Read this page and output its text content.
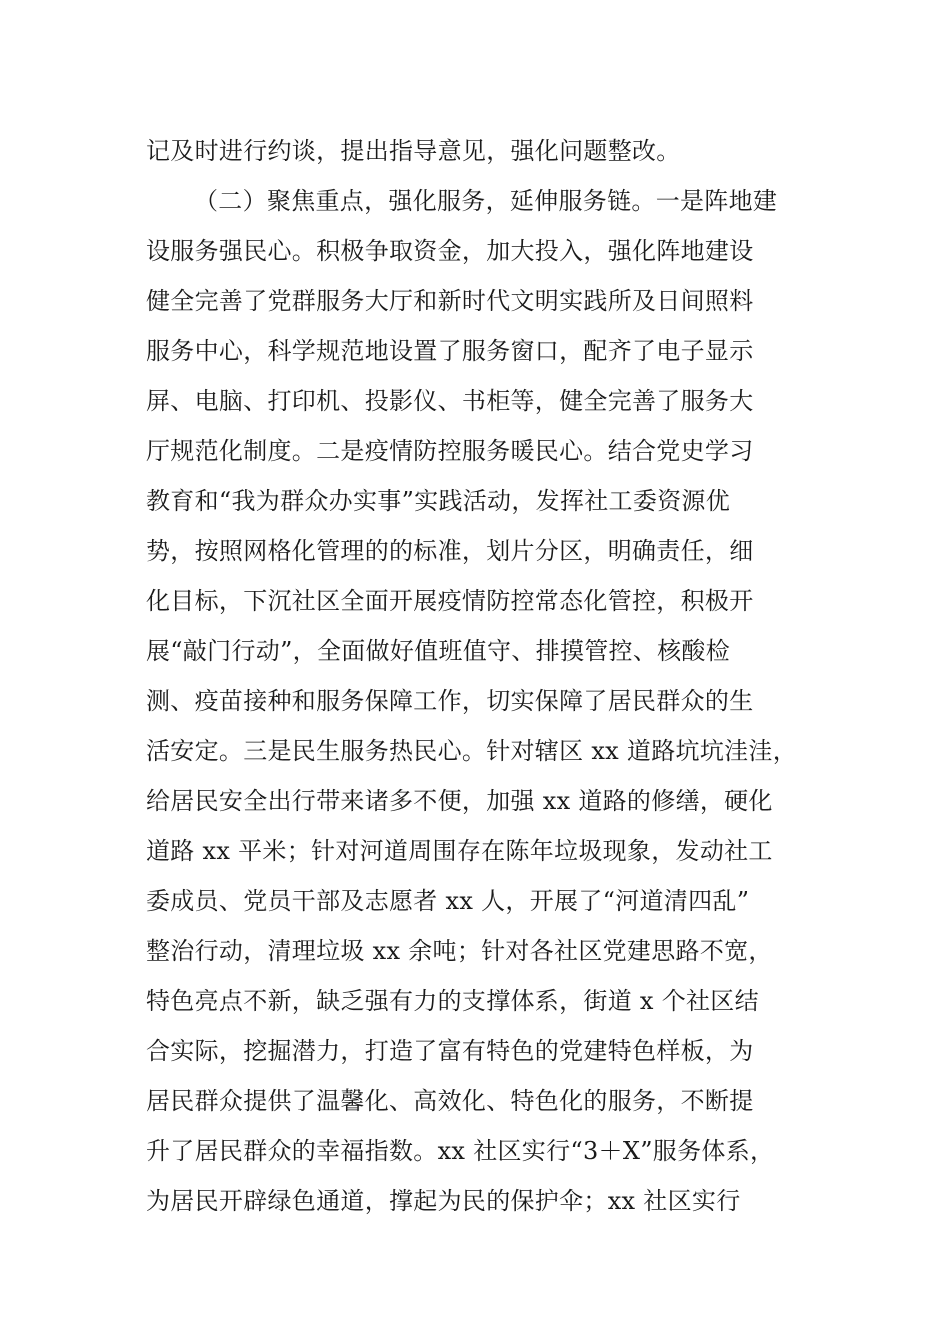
记及时进行约谈，提出指导意见，强化问题整改。
（二）聚焦重点，强化服务，延伸服务链。一是阵地建
设服务强民心。积极争取资金，加大投入，强化阵地建设
健全完善了党群服务大厅和新时代文明实践所及日间照料
服务中心，科学规范地设置了服务窗口，配齐了电子显示
屏、电脑、打印机、投影仪、书柜等，健全完善了服务大
厅规范化制度。二是疫情防控服务暖民心。结合党史学习
教育和“我为群众办实事”实践活动，发挥社工委资源优
势，按照网格化管理的的标准，划片分区，明确责任，细
化目标，下沉社区全面开展疫情防控常态化管控，积极开
展“敲门行动”，全面做好值班值守、排摸管控、核酸检
测、疫苗接种和服务保障工作，切实保障了居民群众的生
活安定。三是民生服务热民心。针对辖区 xx 道路坑坑洼洼，
给居民安全出行带来诸多不便，加强 xx 道路的修缮，硬化
道路 xx 平米；针对河道周围存在陈年垃圾现象，发动社工
委成员、党员干部及志愿者 xx 人，开展了“河道清四乱”
整治行动，清理垃圾 xx 余吨；针对各社区党建思路不宽，
特色亮点不新，缺乏强有力的支撑体系，街道 x 个社区结
合实际，挖掘潜力，打造了富有特色的党建特色样板，为
居民群众提供了温馨化、高效化、特色化的服务，不断提
升了居民群众的幸福指数。xx 社区实行“3＋X”服务体系，
为居民开辟绿色通道，撑起为民的保护伞；xx 社区实行
